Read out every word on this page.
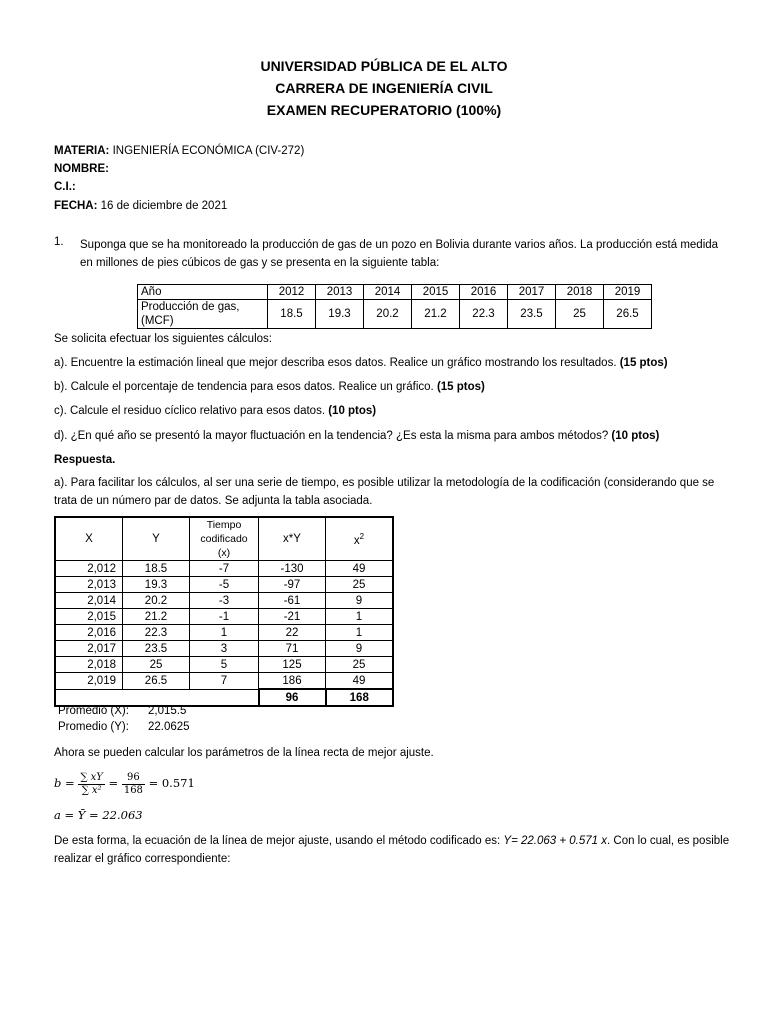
UNIVERSIDAD PÚBLICA DE EL ALTO
CARRERA DE INGENIERÍA CIVIL
EXAMEN RECUPERATORIO (100%)
MATERIA: INGENIERÍA ECONÓMICA (CIV-272)
NOMBRE:
C.I.:
FECHA: 16 de diciembre de 2021
1. Suponga que se ha monitoreado la producción de gas de un pozo en Bolivia durante varios años. La producción está medida en millones de pies cúbicos de gas y se presenta en la siguiente tabla:
Año	2012	2013	2014	2015	2016	2017	2018	2019
Producción de gas, (MCF)	18.5	19.3	20.2	21.2	22.3	23.5	25	26.5
Se solicita efectuar los siguientes cálculos:
a). Encuentre la estimación lineal que mejor describa esos datos. Realice un gráfico mostrando los resultados. (15 ptos)
b). Calcule el porcentaje de tendencia para esos datos. Realice un gráfico. (15 ptos)
c). Calcule el residuo cíclico relativo para esos datos. (10 ptos)
d). ¿En qué año se presentó la mayor fluctuación en la tendencia? ¿Es esta la misma para ambos métodos? (10 ptos)
Respuesta.
a). Para facilitar los cálculos, al ser una serie de tiempo, es posible utilizar la metodología de la codificación (considerando que se trata de un número par de datos. Se adjunta la tabla asociada.
X	Y	Tiempo codificado (x)	x*Y	$x^2$
2,012	18.5	-7	-130	49
2,013	19.3	-5	-97	25
2,014	20.2	-3	-61	9
2,015	21.2	-1	-21	1
2,016	22.3	1	22	1
2,017	23.5	3	71	9
2,018	25	5	125	25
2,019	26.5	7	186	49
			96	168
Promedio (X): 2,015.5
Promedio (Y): 22.0625
Ahora se pueden calcular los parámetros de la línea recta de mejor ajuste.
$b = \frac{\sum xY}{\text{∑ x²}} = \frac{96}{168} = 0.571$
a = Ȳ = 22.063
De esta forma, la ecuación de la línea de mejor ajuste, usando el método codificado es: Y= 22.063 + 0.571 x. Con lo cual, es posible realizar el gráfico correspondiente:
